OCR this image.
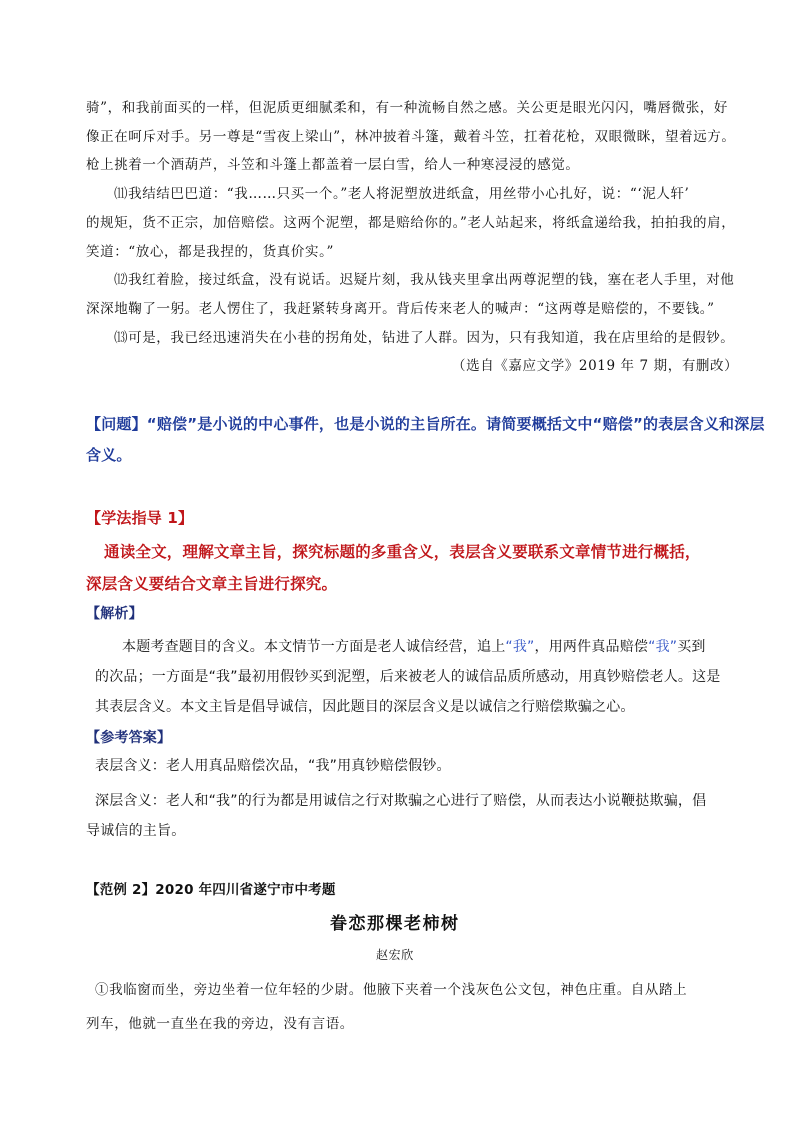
骑”，和我前面买的一样，但泥质更细腻柔和，有一种流畅自然之感。关公更是眼光闪闪，嘴唇微张，好
像正在呵斥对手。另一尊是“雪夜上梁山”，林冲披着斗篷，戴着斗笠，扛着花枪，双眼微眯，望着远方。
枪上挑着一个酒葫芦，斗笠和斗篷上都盖着一层白雪，给人一种寒浸浸的感觉。
⑾我结结巴巴道：“我……只买一个。”老人将泥塑放进纸盒，用丝带小心扎好，说：“‘泥人轩’
的规矩，货不正宗，加倍赔偿。这两个泥塑，都是赔给你的。”老人站起来，将纸盒递给我，拍拍我的肩，
笑道：“放心，都是我捏的，货真价实。”
⑿我红着脸，接过纸盒，没有说话。迟疑片刻，我从钱夹里拿出两尊泥塑的钱，塞在老人手里，对他
深深地鞠了一躬。老人愣住了，我赶紧转身离开。背后传来老人的喊声：“这两尊是赔偿的，不要钱。”
⒀可是，我已经迅速消失在小巷的拐角处，钻进了人群。因为，只有我知道，我在店里给的是假钞。
（选自《嘉应文学》2019 年 7 期，有删改）
【问题】“赔偿”是小说的中心事件，也是小说的主旨所在。请简要概括文中“赔偿”的表层含义和深层
含义。
【学法指导 1】
通读全文，理解文章主旨，探究标题的多重含义，表层含义要联系文章情节进行概括，
深层含义要结合文章主旨进行探究。
【解析】
本题考查题目的含义。本文情节一方面是老人诚信经营，追上“我”，用两件真品赔偿“我”买到
的次品；一方面是“我”最初用假钞买到泥塑，后来被老人的诚信品质所感动，用真钞赔偿老人。这是
其表层含义。本文主旨是倡导诚信，因此题目的深层含义是以诚信之行赔偿欺骗之心。
【参考答案】
表层含义：老人用真品赔偿次品，“我”用真钞赔偿假钞。
深层含义：老人和“我”的行为都是用诚信之行对欺骗之心进行了赔偿，从而表达小说鞭挞欺骗，倡
导诚信的主旨。
【范例 2】2020 年四川省遂宁市中考题
眷恋那棵老柿树
赵宏欣
①我临窗而坐，旁边坐着一位年轻的少尉。他腋下夹着一个浅灰色公文包，神色庄重。自从踏上
列车，他就一直坐在我的旁边，没有言语。
